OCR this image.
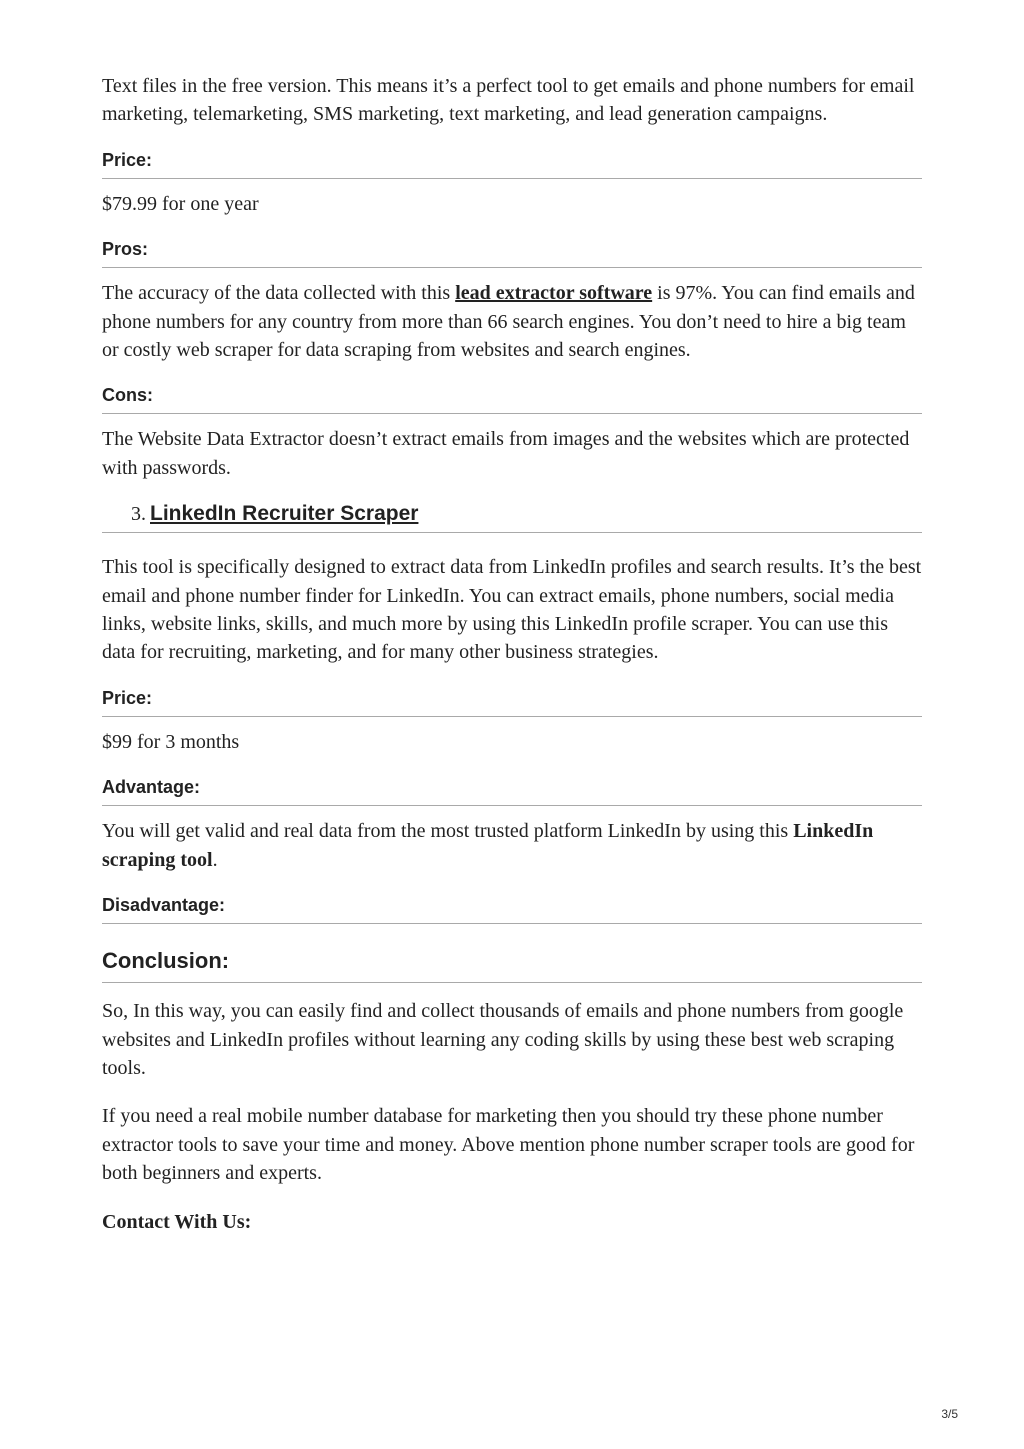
Text files in the free version. This means it’s a perfect tool to get emails and phone numbers for email marketing, telemarketing, SMS marketing, text marketing, and lead generation campaigns.

Price:

$79.99 for one year

Pros:

The accuracy of the data collected with this lead extractor software is 97%. You can find emails and phone numbers for any country from more than 66 search engines. You don’t need to hire a big team or costly web scraper for data scraping from websites and search engines.

Cons:

The Website Data Extractor doesn’t extract emails from images and the websites which are protected with passwords.

3. LinkedIn Recruiter Scraper

This tool is specifically designed to extract data from LinkedIn profiles and search results. It’s the best email and phone number finder for LinkedIn. You can extract emails, phone numbers, social media links, website links, skills, and much more by using this LinkedIn profile scraper. You can use this data for recruiting, marketing, and for many other business strategies.

Price:

$99 for 3 months

Advantage:

You will get valid and real data from the most trusted platform LinkedIn by using this LinkedIn scraping tool.

Disadvantage:
Conclusion:

So, In this way, you can easily find and collect thousands of emails and phone numbers from google websites and LinkedIn profiles without learning any coding skills by using these best web scraping tools.

If you need a real mobile number database for marketing then you should try these phone number extractor tools to save your time and money. Above mention phone number scraper tools are good for both beginners and experts.

Contact With Us:
3/5
